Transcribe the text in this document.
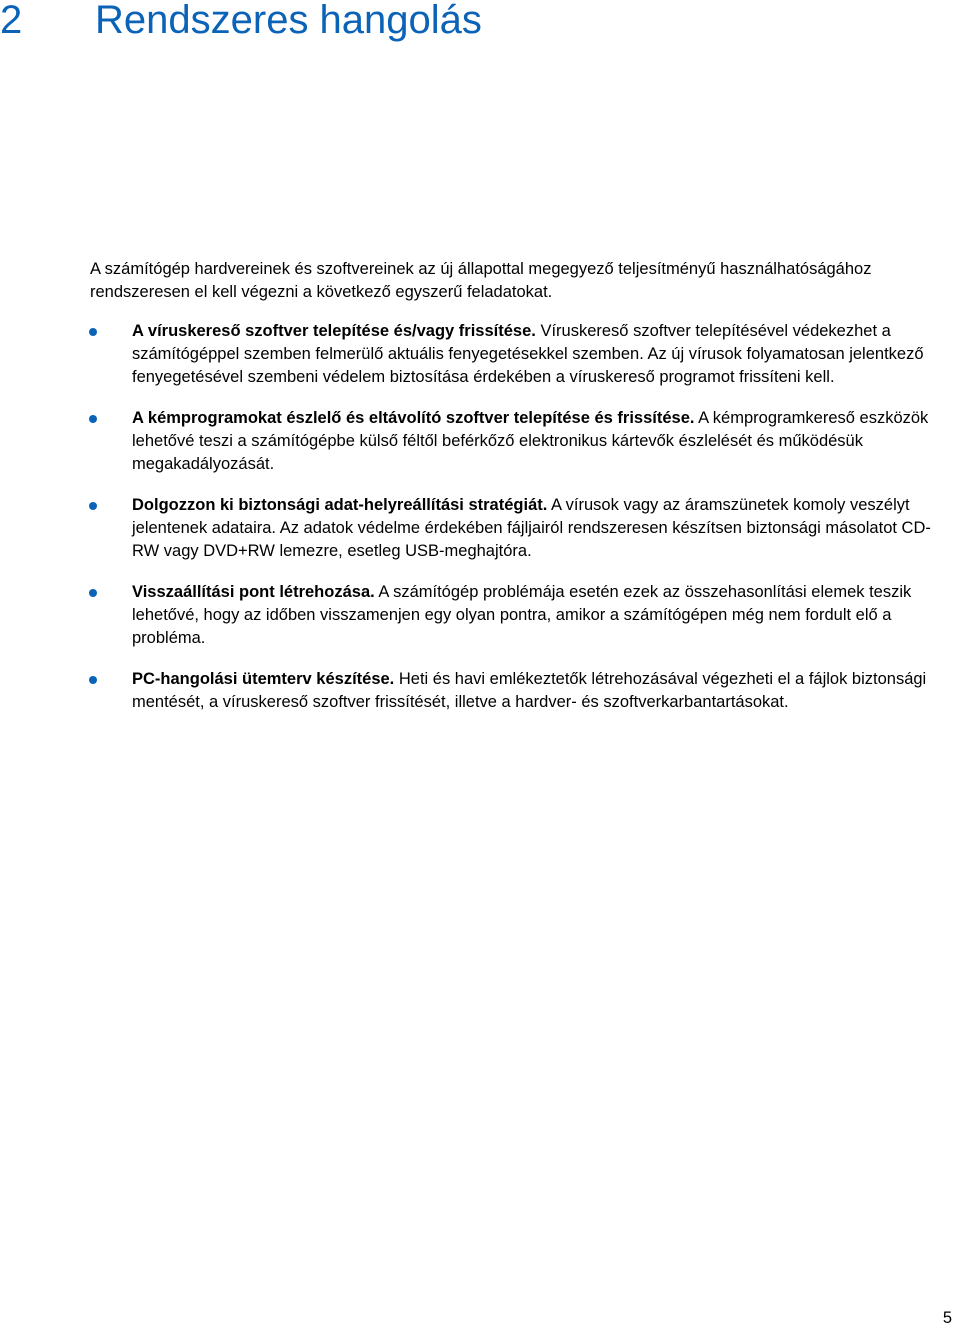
2 Rendszeres hangolás

A számítógép hardvereinek és szoftvereinek az új állapottal megegyező teljesítményű használhatóságához rendszeresen el kell végezni a következő egyszerű feladatokat.

A víruskereső szoftver telepítése és/vagy frissítése. Víruskereső szoftver telepítésével védekezhet a számítógéppel szemben felmerülő aktuális fenyegetésekkel szemben. Az új vírusok folyamatosan jelentkező fenyegetésével szembeni védelem biztosítása érdekében a víruskereső programot frissíteni kell.
A kémprogramokat észlelő és eltávolító szoftver telepítése és frissítése. A kémprogramkereső eszközök lehetővé teszi a számítógépbe külső féltől beférkőző elektronikus kártevők észlelését és működésük megakadályozását.
Dolgozzon ki biztonsági adat-helyreállítási stratégiát. A vírusok vagy az áramszünetek komoly veszélyt jelentenek adataira. Az adatok védelme érdekében fájljairól rendszeresen készítsen biztonsági másolatot CD-RW vagy DVD+RW lemezre, esetleg USB-meghajtóra.
Visszaállítási pont létrehozása. A számítógép problémája esetén ezek az összehasonlítási elemek teszik lehetővé, hogy az időben visszamenjen egy olyan pontra, amikor a számítógépen még nem fordult elő a probléma.
PC-hangolási ütemterv készítése. Heti és havi emlékeztetők létrehozásával végezheti el a fájlok biztonsági mentését, a víruskereső szoftver frissítését, illetve a hardver- és szoftverkarbantartásokat.
5
